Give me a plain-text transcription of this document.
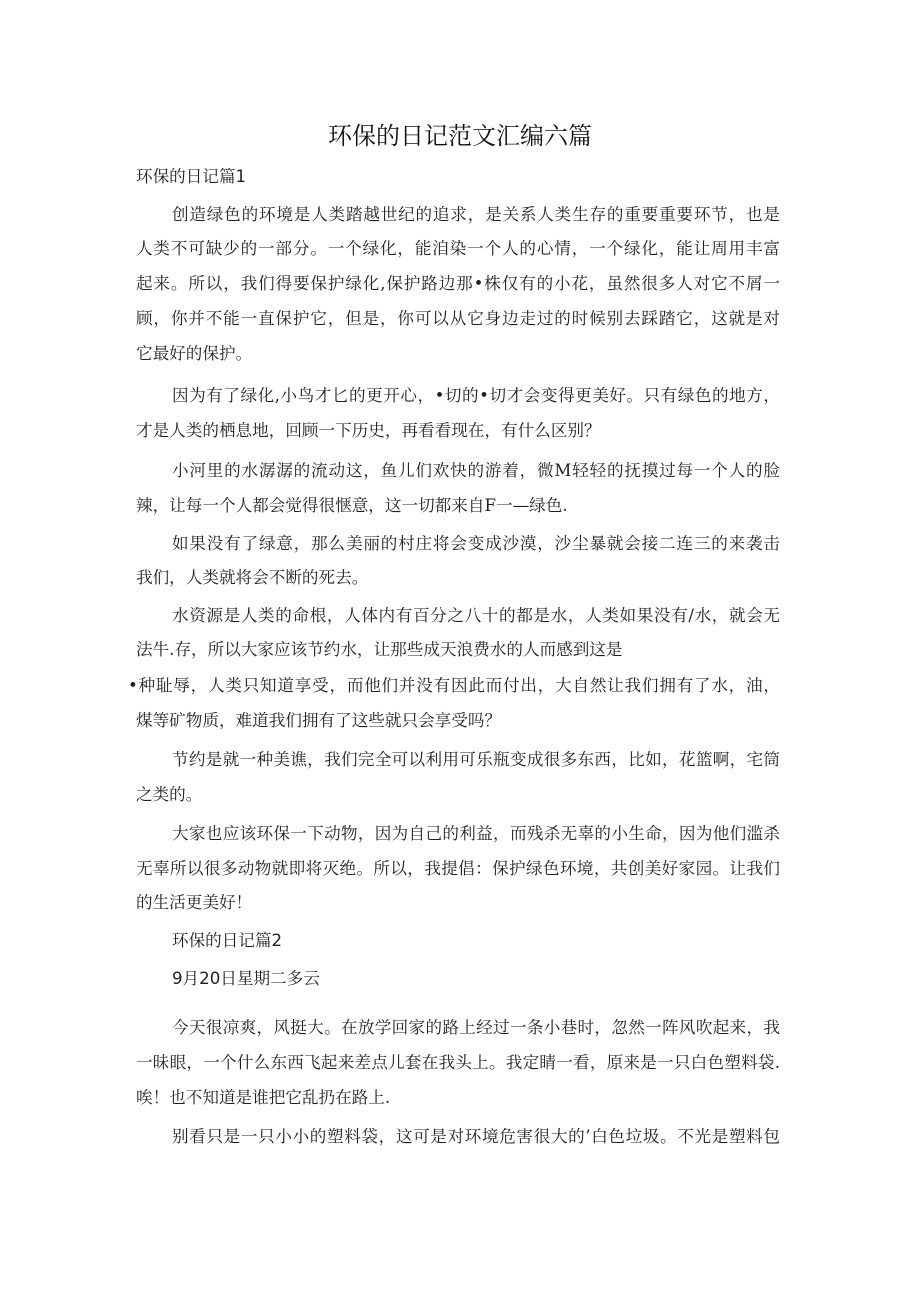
环保的日记范文汇编六篇
环保的日记篇1
创造绿色的环境是人类踏越世纪的追求，是关系人类生存的重要重要环节，也是
人类不可缺少的一部分。一个绿化，能洎染一个人的心情，一个绿化，能让周用丰富
起来。所以，我们得要保护绿化,保护路边那•株仅有的小花，虽然很多人对它不屑一
顾，你并不能一直保护它，但是，你可以从它身边走过的时候别去踩踏它，这就是对
它最好的保护。
因为有了绿化,小鸟才匕的更开心，•切的•切才会变得更美好。只有绿色的地方，
才是人类的栖息地，回顾一下历史，再看看现在，有什么区别？
小河里的水潺潺的流动这，鱼儿们欢快的游着，微M轻轻的抚摸过每一个人的脸
辣，让每一个人都会觉得很惬意，这一切都来自F一—绿色.
如果没有了绿意，那么美丽的村庄将会变成沙漠，沙尘暴就会接二连三的来袭击
我们，人类就将会不断的死去。
水资源是人类的命根，人体内有百分之八十的都是水，人类如果没有/水，就会无
法牛.存，所以大家应该节约水，让那些成天浪费水的人而感到这是
•种耻辱，人类只知道享受，而他们并没有因此而付出，大自然让我们拥有了水，油，
煤等矿物质，难道我们拥有了这些就只会享受吗？
节约是就一种美谯，我们完全可以利用可乐瓶变成很多东西，比如，花篮啊，宅筒
之类的。
大家也应该环保一下动物，因为自己的利益，而残杀无辜的小生命，因为他们滥杀
无辜所以很多动物就即将灭绝。所以，我提倡：保护绿色环境，共创美好家园。让我们
的生活更美好！
环保的日记篇2
9月20日星期二多云
今天很凉爽，风挺大。在放学回家的路上经过一条小巷时，忽然一阵风吹起来，我
一昧眼，一个什么东西飞起来差点儿套在我头上。我定睛一看，原来是一只白色塑料袋.
唉！也不知道是谁把它乱扔在路上.
别看只是一只小小的塑料袋，这可是对环境危害很大的’白色垃圾。不光是塑料包
